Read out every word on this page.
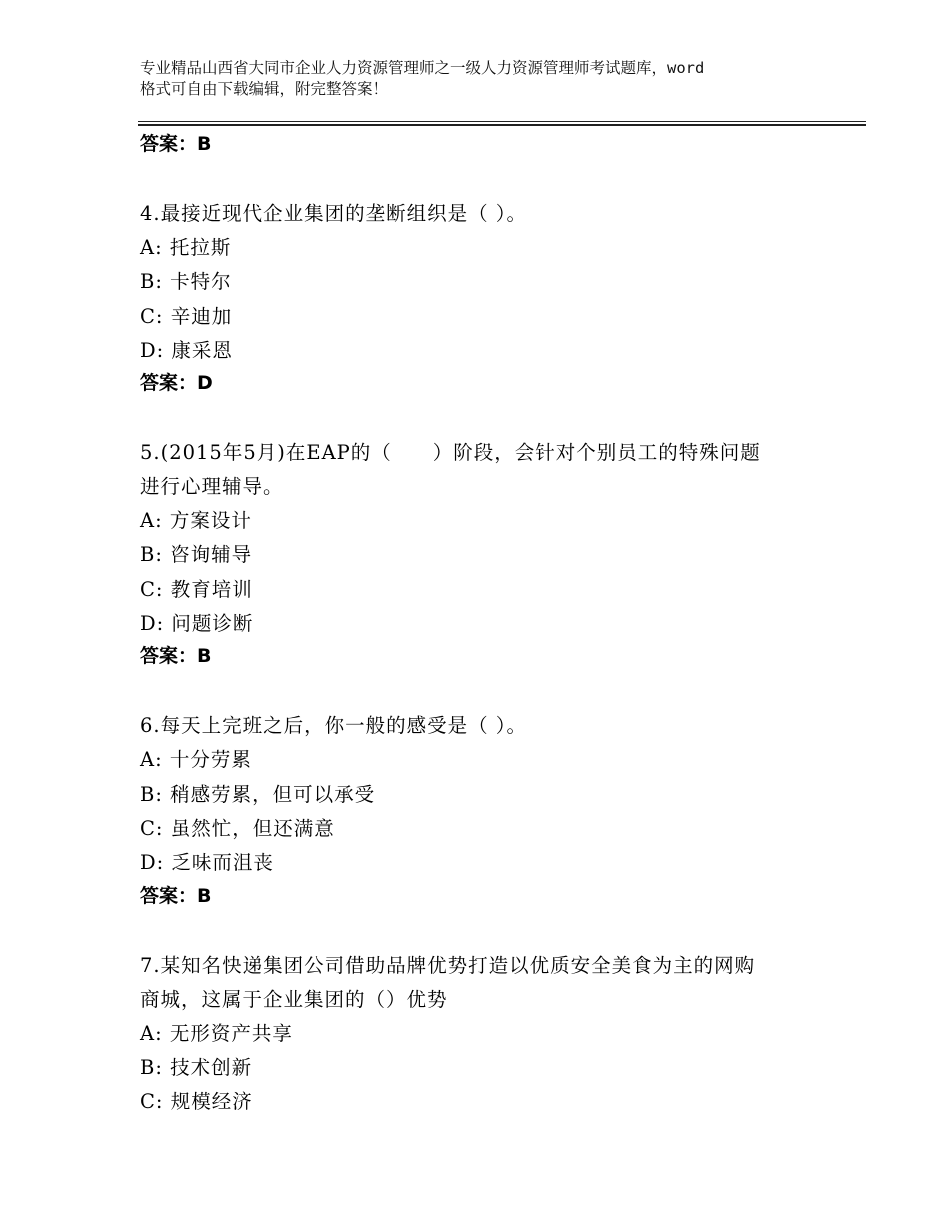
专业精品山西省大同市企业人力资源管理师之一级人力资源管理师考试题库，word
格式可自由下载编辑，附完整答案！

答案：B

4.最接近现代企业集团的垄断组织是（ ）。

A: 托拉斯

B: 卡特尔

C: 辛迪加

D: 康采恩

答案：D

5.(2015年5月)在EAP的（　　）阶段，会针对个别员工的特殊问题

进行心理辅导。

A: 方案设计

B: 咨询辅导

C: 教育培训

D: 问题诊断

答案：B

6.每天上完班之后，你一般的感受是（ ）。

A: 十分劳累

B: 稍感劳累，但可以承受

C: 虽然忙，但还满意

D: 乏味而沮丧

答案：B

7.某知名快递集团公司借助品牌优势打造以优质安全美食为主的网购

商城，这属于企业集团的（）优势

A: 无形资产共享

B: 技术创新

C: 规模经济
